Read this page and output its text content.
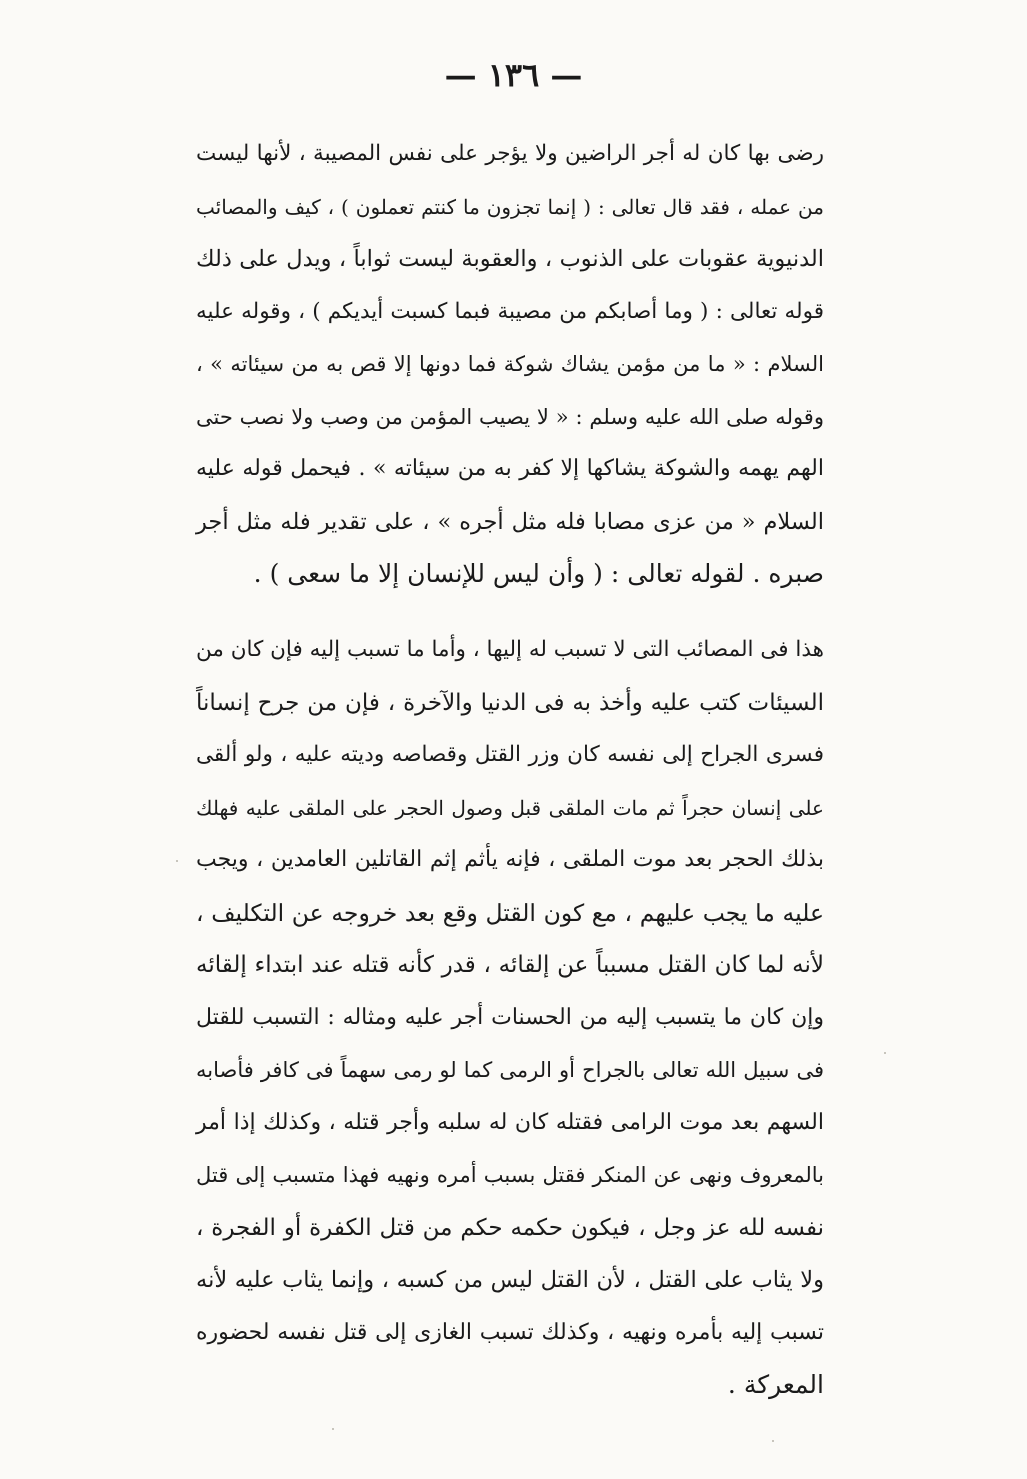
— ١٣٦ —
رضى بها كان له أجر الراضين ولا يؤجر على نفس المصيبة ، لأنها ليست
من عمله ، فقد قال تعالى : ( إنما تجزون ما كنتم تعملون ) ، كيف والمصائب
الدنيوية عقوبات على الذنوب ، والعقوبة ليست ثواباً ، ويدل على ذلك
قوله تعالى : ( وما أصابكم من مصيبة فبما كسبت أيديكم ) ، وقوله عليه
السلام : « ما من مؤمن يشاك شوكة فما دونها إلا قص به من سيئاته » ،
وقوله صلى الله عليه وسلم : « لا يصيب المؤمن من وصب ولا نصب حتى
الهم يهمه والشوكة يشاكها إلا كفر به من سيئاته » . فيحمل قوله عليه
السلام « من عزى مصابا فله مثل أجره » ، على تقدير فله مثل أجر
صبره . لقوله تعالى : ( وأن ليس للإنسان إلا ما سعى ) .
هذا فى المصائب التى لا تسبب له إليها ، وأما ما تسبب إليه فإن كان من
السيئات كتب عليه وأخذ به فى الدنيا والآخرة ، فإن من جرح إنساناً
فسرى الجراح إلى نفسه كان وزر القتل وقصاصه وديته عليه ، ولو ألقى
على إنسان حجراً ثم مات الملقى قبل وصول الحجر على الملقى عليه فهلك
بذلك الحجر بعد موت الملقى ، فإنه يأثم إثم القاتلين العامدين ، ويجب
عليه ما يجب عليهم ، مع كون القتل وقع بعد خروجه عن التكليف ،
لأنه لما كان القتل مسبباً عن إلقائه ، قدر كأنه قتله عند ابتداء إلقائه
وإن كان ما يتسبب إليه من الحسنات أجر عليه ومثاله : التسبب للقتل
فى سبيل الله تعالى بالجراح أو الرمى كما لو رمى سهماً فى كافر فأصابه
السهم بعد موت الرامى فقتله كان له سلبه وأجر قتله ، وكذلك إذا أمر
بالمعروف ونهى عن المنكر فقتل بسبب أمره ونهيه فهذا متسبب إلى قتل
نفسه لله عز وجل ، فيكون حكمه حكم من قتل الكفرة أو الفجرة ،
ولا يثاب على القتل ، لأن القتل ليس من كسبه ، وإنما يثاب عليه لأنه
تسبب إليه بأمره ونهيه ، وكذلك تسبب الغازى إلى قتل نفسه لحضوره
المعركة .
